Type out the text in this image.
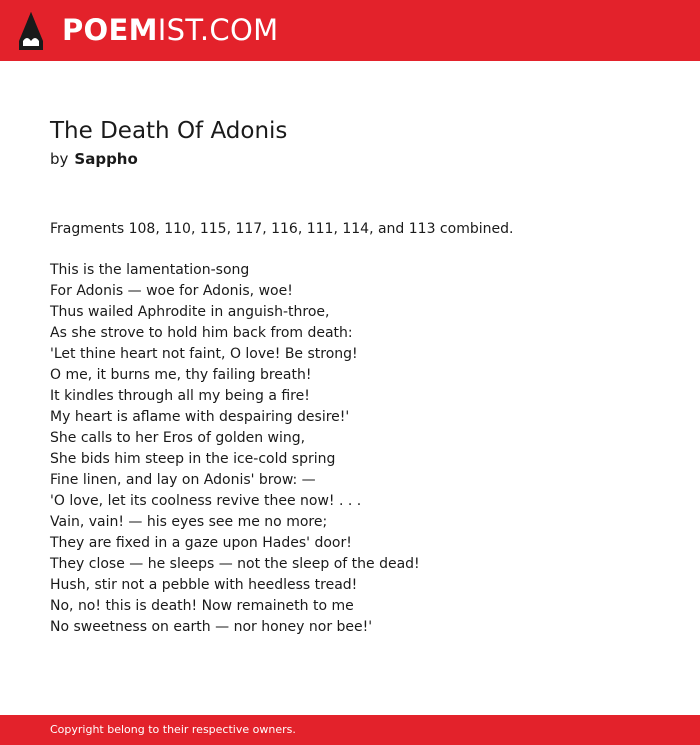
POEMIST.COM
The Death Of Adonis
by Sappho
Fragments 108, 110, 115, 117, 116, 111, 114, and 113 combined.
This is the lamentation-song
For Adonis — woe for Adonis, woe!
Thus wailed Aphrodite in anguish-throe,
As she strove to hold him back from death:
'Let thine heart not faint, O love! Be strong!
O me, it burns me, thy failing breath!
It kindles through all my being a fire!
My heart is aflame with despairing desire!'
She calls to her Eros of golden wing,
She bids him steep in the ice-cold spring
Fine linen, and lay on Adonis' brow: —
'O love, let its coolness revive thee now! . . .
Vain, vain! — his eyes see me no more;
They are fixed in a gaze upon Hades' door!
They close — he sleeps — not the sleep of the dead!
Hush, stir not a pebble with heedless tread!
No, no! this is death! Now remaineth to me
No sweetness on earth — nor honey nor bee!'
Copyright belong to their respective owners.
